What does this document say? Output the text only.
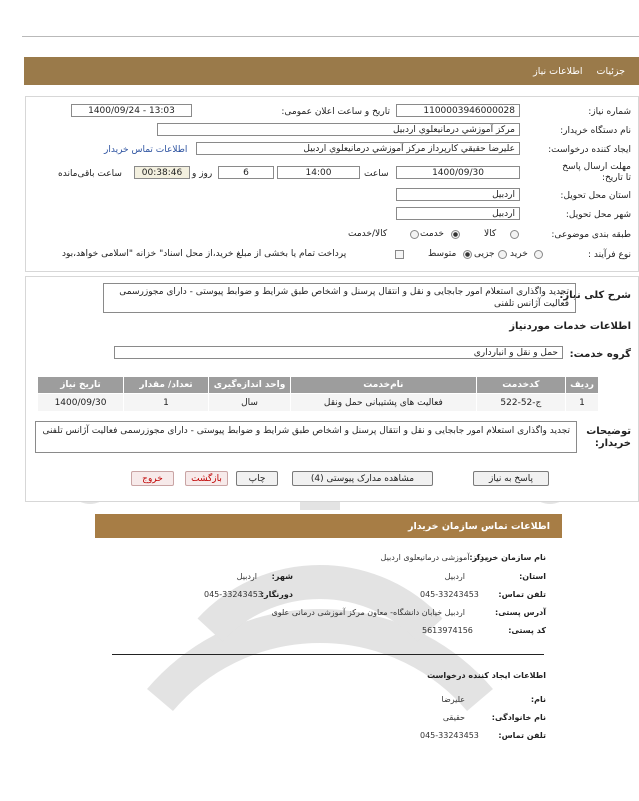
جزئیات
اطلاعات نیاز
شماره نیاز:
1100003946000028
تاریخ و ساعت اعلان عمومی:
1400/09/24 - 13:03
نام دستگاه خریدار:
مرکز آموزشي درمانيعلوي اردبيل
ایجاد کننده درخواست:
عليرضا حقيقي کارپرداز مرکز آموزشي درمانيعلوي اردبيل
اطلاعات تماس خریدار
مهلت ارسال پاسخ تا تاریخ:
1400/09/30
ساعت
14:00
6
روز و
00:38:46
ساعت باقی‌مانده
استان محل تحویل:
اردبيل
شهر محل تحویل:
اردبيل
طبقه بندی موضوعی:
کالا
خدمت
کالا/خدمت
نوع فرآیند :
خرید
جزیی
متوسط
پرداخت تمام یا بخشی از مبلغ خرید،از محل اسناد" خزانه "اسلامی خواهد،بود
شرح کلی نیاز:
تجدید واگذاری استعلام امور جابجایی و نقل و انتقال پرسنل و اشخاص طبق شرایط و ضوابط پیوستی - دارای مجوزرسمی فعالیت آژانس تلفنی
اطلاعات خدمات موردنیاز
گروه خدمت:
حمل و نقل و انبارداری
ردیف	کدخدمت	نام‌خدمت	واحد اندازه‌گیری	تعداد/ مقدار	تاریخ نیاز
1	ج-52-522	فعالیت های پشتیبانی حمل ونقل	سال	1	1400/09/30
توضیحات خریدار:
تجدید واگذاری استعلام امور جابجایی و نقل و انتقال پرسنل و اشخاص طبق شرایط و ضوابط پیوستی - دارای مجوزرسمی فعالیت آژانس تلفنی
پاسخ به نیاز
مشاهده مدارک پیوستی (4)
چاپ
بازگشت
خروج
اطلاعات تماس سازمان خریدار
نام سازمان خریدار:
مرکز آموزشی درمانیعلوی اردبیل
استان:
اردبیل
شهر:
اردبیل
تلفن تماس:
045-33243453
دورنگار:
045-33243453
آدرس پستی:
اردبیل خیابان دانشگاه- معاون مرکز آموزشی درمانی علوی
کد پستی:
5613974156
اطلاعات ایجاد کننده درخواست
نام:
علیرضا
نام خانوادگی:
حقیقی
تلفن تماس:
045-33243453
